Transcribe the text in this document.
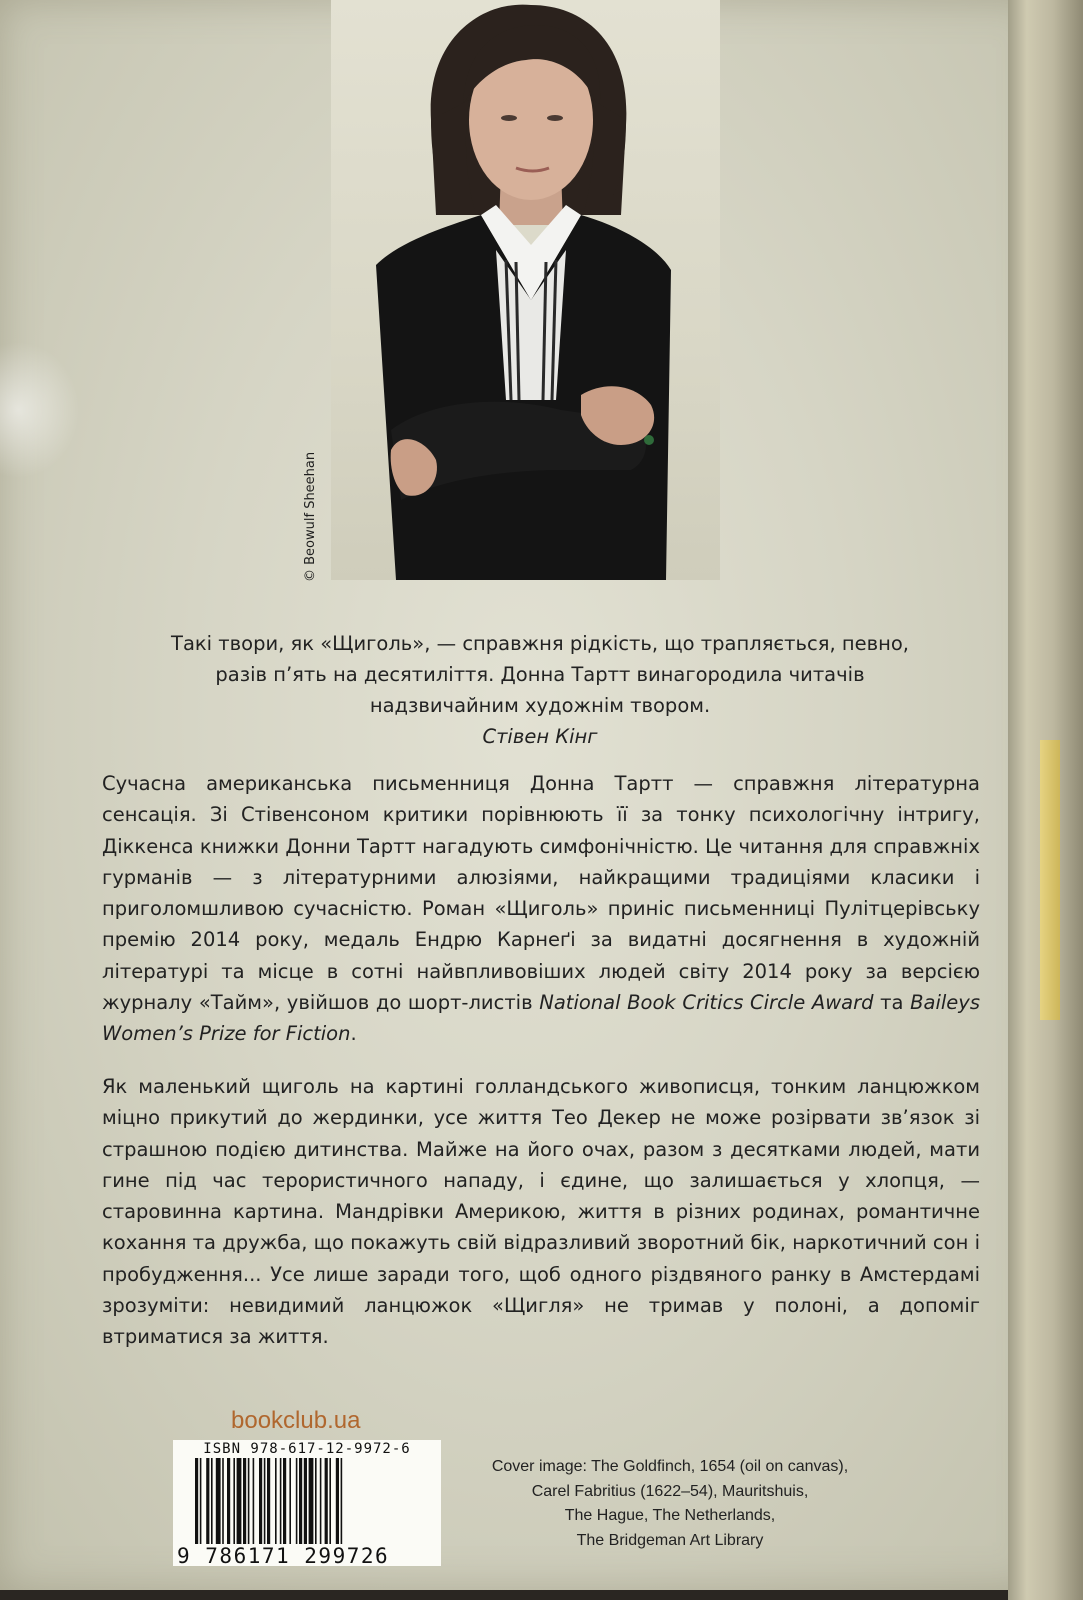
© Beowulf Sheehan
Такі твори, як «Щиголь», — справжня рідкість, що трапляється, певно,
разів п’ять на десятиліття. Донна Тартт винагородила читачів
надзвичайним художнім твором.
Стівен Кінг
Сучасна американська письменниця Донна Тартт — справжня літературна сенсація. Зі Стівенсоном критики порівнюють її за тонку психологічну інтригу, Діккенса книжки Донни Тартт нагадують симфонічністю. Це читання для справжніх гурманів — з літературними алюзіями, найкращими традиціями класики і приголомшливою сучасністю. Роман «Щиголь» приніс письменниці Пулітцерівську премію 2014 року, медаль Ендрю Карнеґі за видатні досягнення в художній літературі та місце в сотні найвпливовіших людей світу 2014 року за версією журналу «Тайм», увійшов до шорт-листів National Book Critics Circle Award та Baileys Women’s Prize for Fiction.
Як маленький щиголь на картині голландського живописця, тонким ланцюжком міцно прикутий до жердинки, усе життя Тео Декер не може розірвати зв’язок зі страшною подією дитинства. Майже на його очах, разом з десятками людей, мати гине під час терористичного нападу, і єдине, що залишається у хлопця, — старовинна картина. Мандрівки Америкою, життя в різних родинах, романтичне кохання та дружба, що покажуть свій відразливий зворотний бік, наркотичний сон і пробудження... Усе лише заради того, щоб одного різдвяного ранку в Амстердамі зрозуміти: невидимий ланцюжок «Щигля» не тримав у полоні, а допоміг втриматися за життя.
bookclub.ua
ISBN 978-617-12-9972-6
9 786171 299726
Cover image: The Goldfinch, 1654 (oil on canvas),
Carel Fabritius (1622–54), Mauritshuis,
The Hague, The Netherlands,
The Bridgeman Art Library
